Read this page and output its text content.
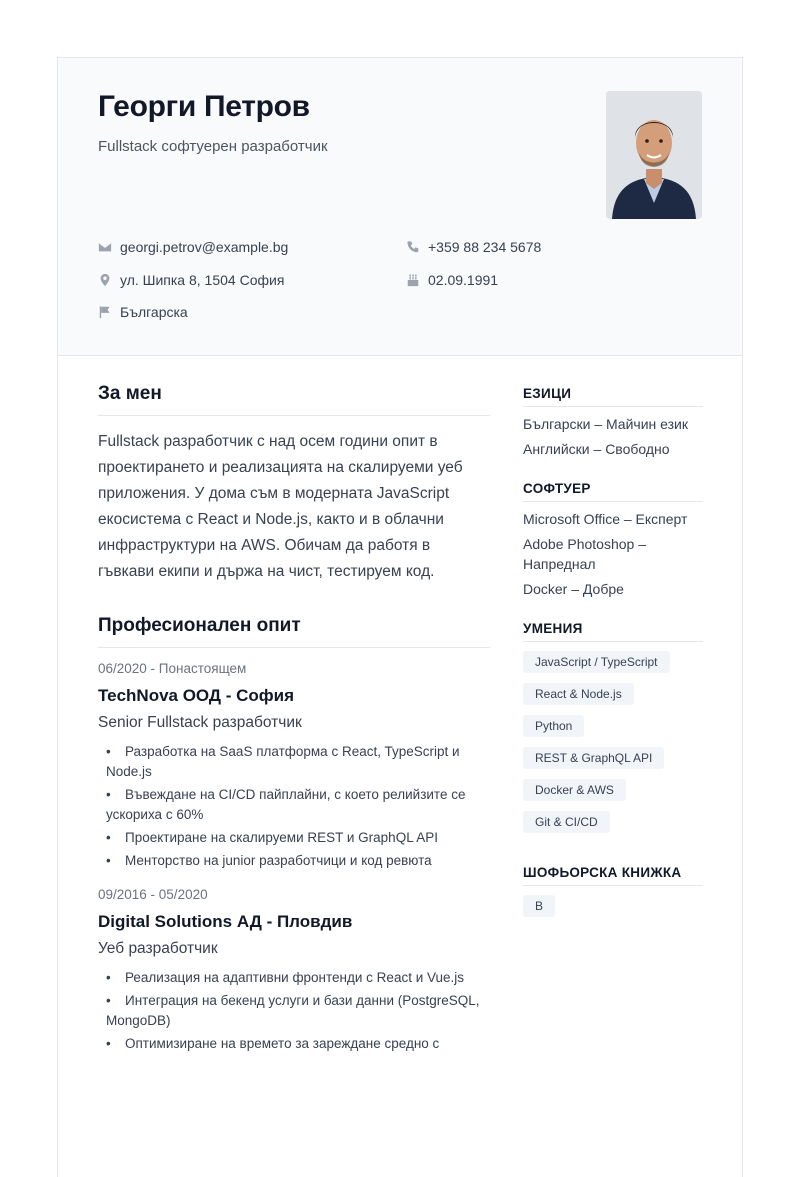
Георги Петров
Fullstack софтуерен разработчик
georgi.petrov@example.bg	+359 88 234 5678
ул. Шипка 8, 1504 София	02.09.1991
Българска
За мен

Fullstack разработчик с над осем години опит в проектирането и реализацията на скалируеми уеб приложения. У дома съм в модерната JavaScript екосистема с React и Node.js, както и в облачни инфраструктури на AWS. Обичам да работя в гъвкави екипи и държа на чист, тестируем код.

Професионален опит
06/2020 - Понастоящем
TechNova ООД - София
Senior Fullstack разработчик
• Разработка на SaaS платформа с React, TypeScript и Node.js
• Въвеждане на CI/CD пайплайни, с което релийзите се ускориха с 60%
• Проектиране на скалируеми REST и GraphQL API
• Менторство на junior разработчици и код ревюта
09/2016 - 05/2020
Digital Solutions АД - Пловдив
Уеб разработчик
• Реализация на адаптивни фронтенди с React и Vue.js
• Интеграция на бекенд услуги и бази данни (PostgreSQL, MongoDB)
• Оптимизиране на времето за зареждане средно с
ЕЗИЦИ
Български – Майчин език
Английски – Свободно
СОФТУЕР
Microsoft Office – Експерт
Adobe Photoshop – Напреднал
Docker – Добре
УМЕНИЯ
JavaScript / TypeScript
React & Node.js
Python
REST & GraphQL API
Docker & AWS
Git & CI/CD
ШОФЬОРСКА КНИЖКА
B
